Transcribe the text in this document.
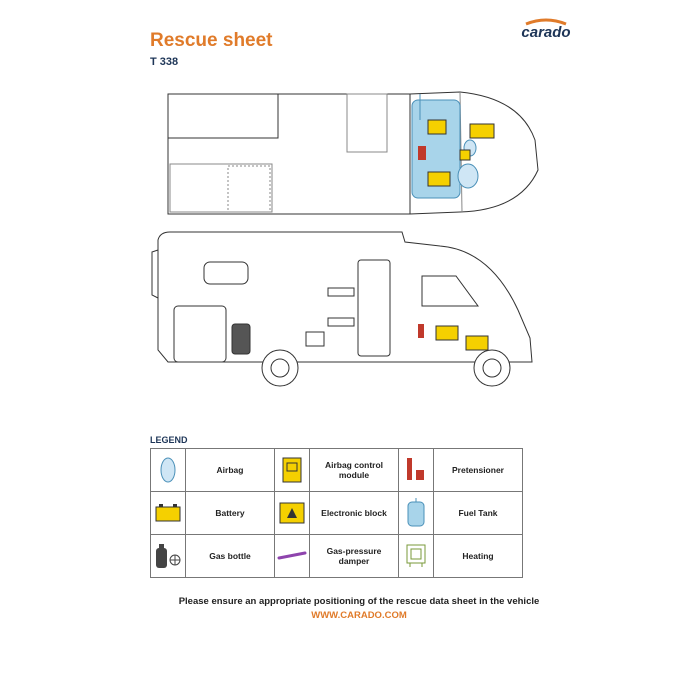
Rescue sheet
T 338
carado
LEGEND
	Airbag		Airbag control module		Pretensioner

	Battery		Electronic block		Fuel Tank

	Gas bottle		Gas-pressure damper		Heating
Please ensure an appropriate positioning of the rescue data sheet in the vehicle
WWW.CARADO.COM
